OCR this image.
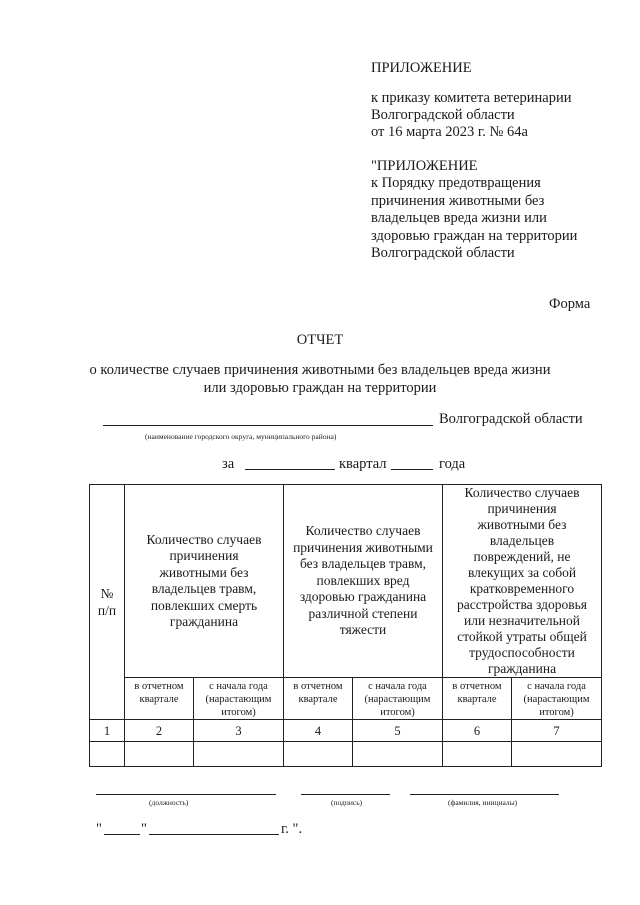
ПРИЛОЖЕНИЕ
к приказу комитета ветеринарии
Волгоградской области
от 16 марта 2023 г. № 64а
"ПРИЛОЖЕНИЕ
к Порядку предотвращения
причинения животными без
владельцев вреда жизни или
здоровью граждан на территории
Волгоградской области
Форма
ОТЧЕТ
о количестве случаев причинения животными без владельцев вреда жизни
или здоровью граждан на территории
Волгоградской области
(наименование городского округа, муниципального района)
за	квартал	года
№ п/п	Количество случаев причинения животными без владельцев травм, повлекших смерть гражданина		Количество случаев причинения животными без владельцев травм, повлекших вред здоровью гражданина различной степени тяжести		Количество случаев причинения животными без владельцев повреждений, не влекущих за собой кратковременного расстройства здоровья или незначительной стойкой утраты общей трудоспособности гражданина	
	в отчетном квартале	с начала года (нарастающим итогом)	в отчетном квартале	с начала года (нарастающим итогом)	в отчетном квартале	с начала года (нарастающим итогом)
1	2	3	4	5	6	7

(должность)	(подпись)	(фамилия, инициалы)
"	"	г. ".
